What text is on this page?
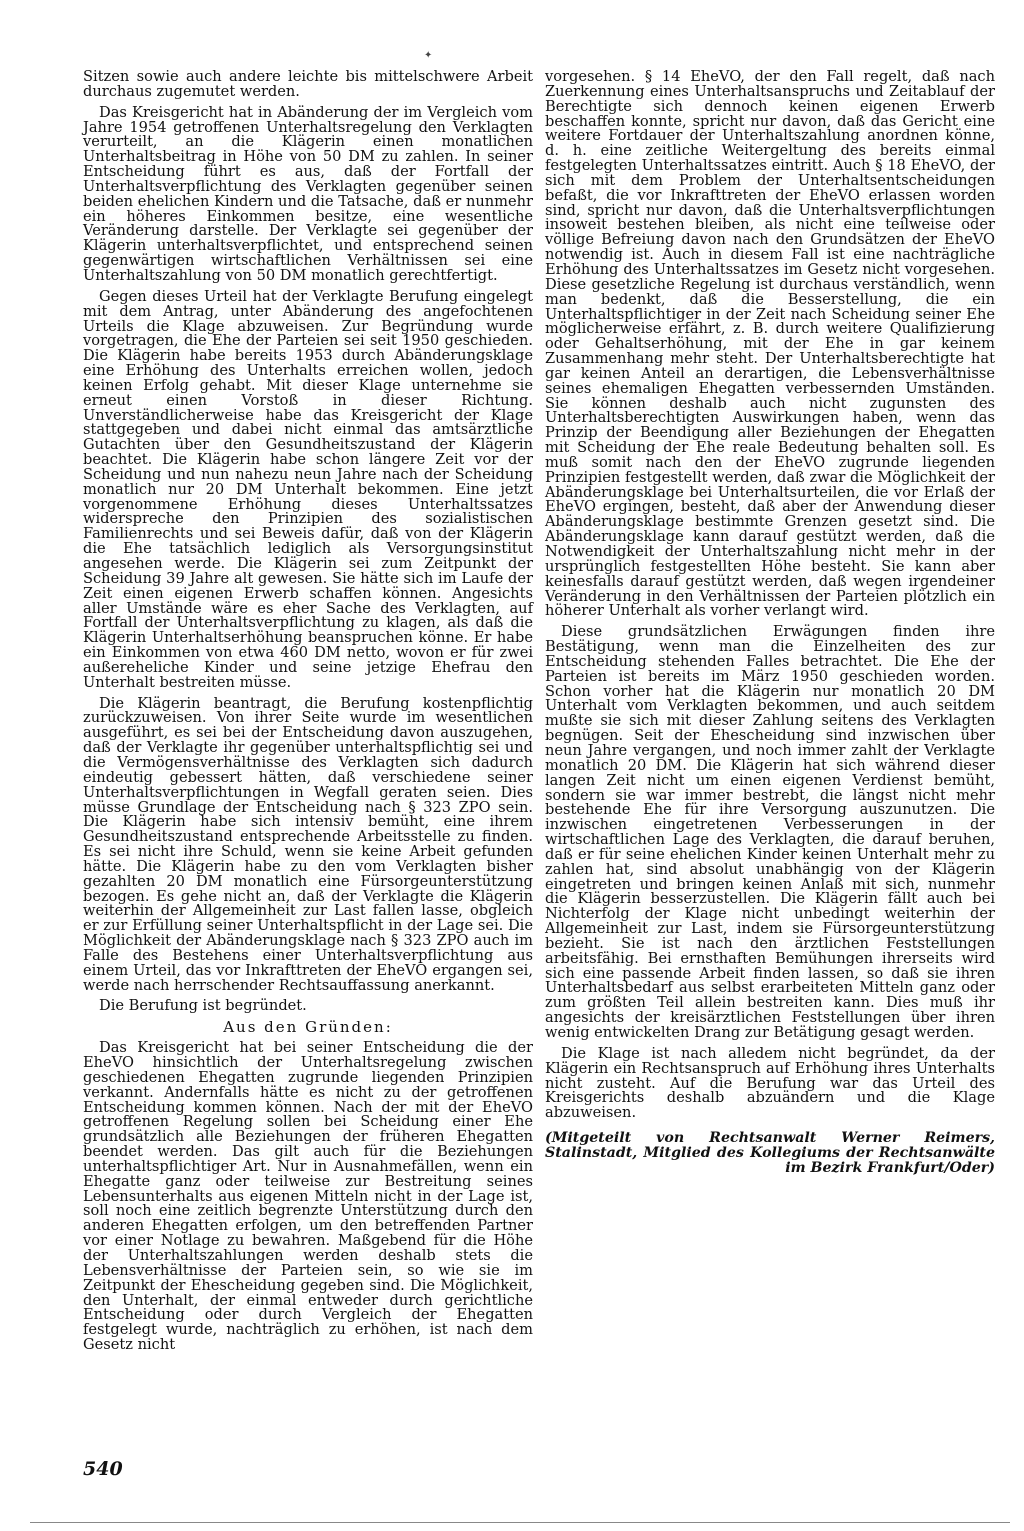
✦

Sitzen sowie auch andere leichte bis mittelschwere Arbeit durchaus zugemutet werden.

Das Kreisgericht hat in Abänderung der im Vergleich vom Jahre 1954 getroffenen Unterhaltsregelung den Verklagten verurteilt, an die Klägerin einen monatlichen Unterhaltsbeitrag in Höhe von 50 DM zu zahlen. In seiner Entscheidung führt es aus, daß der Fortfall der Unterhaltsverpflichtung des Verklagten gegenüber seinen beiden ehelichen Kindern und die Tatsache, daß er nunmehr ein höheres Einkommen besitze, eine wesentliche Veränderung darstelle. Der Verklagte sei gegenüber der Klägerin unterhaltsverpflichtet, und entsprechend seinen gegenwärtigen wirtschaftlichen Verhältnissen sei eine Unterhaltszahlung von 50 DM monatlich gerechtfertigt.

Gegen dieses Urteil hat der Verklagte Berufung eingelegt mit dem Antrag, unter Abänderung des angefochtenen Urteils die Klage abzuweisen. Zur Begründung wurde vorgetragen, die Ehe der Parteien sei seit 1950 geschieden. Die Klägerin habe bereits 1953 durch Abänderungsklage eine Erhöhung des Unterhalts erreichen wollen, jedoch keinen Erfolg gehabt. Mit dieser Klage unternehme sie erneut einen Vorstoß in dieser Richtung. Unverständlicherweise habe das Kreisgericht der Klage stattgegeben und dabei nicht einmal das amtsärztliche Gutachten über den Gesundheitszustand der Klägerin beachtet. Die Klägerin habe schon längere Zeit vor der Scheidung und nun nahezu neun Jahre nach der Scheidung monatlich nur 20 DM Unterhalt bekommen. Eine jetzt vorgenommene Erhöhung dieses Unterhaltssatzes widerspreche den Prinzipien des sozialistischen Familienrechts und sei Beweis dafür, daß von der Klägerin die Ehe tatsächlich lediglich als Versorgungsinstitut angesehen werde. Die Klägerin sei zum Zeitpunkt der Scheidung 39 Jahre alt gewesen. Sie hätte sich im Laufe der Zeit einen eigenen Erwerb schaffen können. Angesichts aller Umstände wäre es eher Sache des Verklagten, auf Fortfall der Unterhaltsverpflichtung zu klagen, als daß die Klägerin Unterhaltserhöhung beanspruchen könne. Er habe ein Einkommen von etwa 460 DM netto, wovon er für zwei außereheliche Kinder und seine jetzige Ehefrau den Unterhalt bestreiten müsse.

Die Klägerin beantragt, die Berufung kostenpflichtig zurückzuweisen. Von ihrer Seite wurde im wesentlichen ausgeführt, es sei bei der Entscheidung davon auszugehen, daß der Verklagte ihr gegenüber unterhaltspflichtig sei und die Vermögensverhältnisse des Verklagten sich dadurch eindeutig gebessert hätten, daß verschiedene seiner Unterhaltsverpflichtungen in Wegfall geraten seien. Dies müsse Grundlage der Entscheidung nach § 323 ZPO sein. Die Klägerin habe sich intensiv bemüht, eine ihrem Gesundheitszustand entsprechende Arbeitsstelle zu finden. Es sei nicht ihre Schuld, wenn sie keine Arbeit gefunden hätte. Die Klägerin habe zu den vom Verklagten bisher gezahlten 20 DM monatlich eine Fürsorgeunterstützung bezogen. Es gehe nicht an, daß der Verklagte die Klägerin weiterhin der Allgemeinheit zur Last fallen lasse, obgleich er zur Erfüllung seiner Unterhaltspflicht in der Lage sei. Die Möglichkeit der Abänderungsklage nach § 323 ZPO auch im Falle des Bestehens einer Unterhaltsverpflichtung aus einem Urteil, das vor Inkrafttreten der EheVO ergangen sei, werde nach herrschender Rechtsauffassung anerkannt.

Die Berufung ist begründet.

Aus den Gründen:

Das Kreisgericht hat bei seiner Entscheidung die der EheVO hinsichtlich der Unterhaltsregelung zwischen geschiedenen Ehegatten zugrunde liegenden Prinzipien verkannt. Andernfalls hätte es nicht zu der getroffenen Entscheidung kommen können. Nach der mit der EheVO getroffenen Regelung sollen bei Scheidung einer Ehe grundsätzlich alle Beziehungen der früheren Ehegatten beendet werden. Das gilt auch für die Beziehungen unterhaltspflichtiger Art. Nur in Ausnahmefällen, wenn ein Ehegatte ganz oder teilweise zur Bestreitung seines Lebensunterhalts aus eigenen Mitteln nicht in der Lage ist, soll noch eine zeitlich begrenzte Unterstützung durch den anderen Ehegatten erfolgen, um den betreffenden Partner vor einer Notlage zu bewahren. Maßgebend für die Höhe der Unterhaltszahlungen werden deshalb stets die Lebensverhältnisse der Parteien sein, so wie sie im Zeitpunkt der Ehescheidung gegeben sind. Die Möglichkeit, den Unterhalt, der einmal entweder durch gerichtliche Entscheidung oder durch Vergleich der Ehegatten festgelegt wurde, nachträglich zu erhöhen, ist nach dem Gesetz nicht

vorgesehen. § 14 EheVO, der den Fall regelt, daß nach Zuerkennung eines Unterhaltsanspruchs und Zeitablauf der Berechtigte sich dennoch keinen eigenen Erwerb beschaffen konnte, spricht nur davon, daß das Gericht eine weitere Fortdauer der Unterhaltszahlung anordnen könne, d. h. eine zeitliche Weitergeltung des bereits einmal festgelegten Unterhaltssatzes eintritt. Auch § 18 EheVO, der sich mit dem Problem der Unterhaltsentscheidungen befaßt, die vor Inkrafttreten der EheVO erlassen worden sind, spricht nur davon, daß die Unterhaltsverpflichtungen insoweit bestehen bleiben, als nicht eine teilweise oder völlige Befreiung davon nach den Grundsätzen der EheVO notwendig ist. Auch in diesem Fall ist eine nachträgliche Erhöhung des Unterhaltssatzes im Gesetz nicht vorgesehen. Diese gesetzliche Regelung ist durchaus verständlich, wenn man bedenkt, daß die Besserstellung, die ein Unterhaltspflichtiger in der Zeit nach Scheidung seiner Ehe möglicherweise erfährt, z. B. durch weitere Qualifizierung oder Gehaltserhöhung, mit der Ehe in gar keinem Zusammenhang mehr steht. Der Unterhaltsberechtigte hat gar keinen Anteil an derartigen, die Lebensverhältnisse seines ehemaligen Ehegatten verbessernden Umständen. Sie können deshalb auch nicht zugunsten des Unterhaltsberechtigten Auswirkungen haben, wenn das Prinzip der Beendigung aller Beziehungen der Ehegatten mit Scheidung der Ehe reale Bedeutung behalten soll. Es muß somit nach den der EheVO zugrunde liegenden Prinzipien festgestellt werden, daß zwar die Möglichkeit der Abänderungsklage bei Unterhaltsurteilen, die vor Erlaß der EheVO ergingen, besteht, daß aber der Anwendung dieser Abänderungsklage bestimmte Grenzen gesetzt sind. Die Abänderungsklage kann darauf gestützt werden, daß die Notwendigkeit der Unterhaltszahlung nicht mehr in der ursprünglich festgestellten Höhe besteht. Sie kann aber keinesfalls darauf gestützt werden, daß wegen irgendeiner Veränderung in den Verhältnissen der Parteien plötzlich ein höherer Unterhalt als vorher verlangt wird.

Diese grundsätzlichen Erwägungen finden ihre Bestätigung, wenn man die Einzelheiten des zur Entscheidung stehenden Falles betrachtet. Die Ehe der Parteien ist bereits im März 1950 geschieden worden. Schon vorher hat die Klägerin nur monatlich 20 DM Unterhalt vom Verklagten bekommen, und auch seitdem mußte sie sich mit dieser Zahlung seitens des Verklagten begnügen. Seit der Ehescheidung sind inzwischen über neun Jahre vergangen, und noch immer zahlt der Verklagte monatlich 20 DM. Die Klägerin hat sich während dieser langen Zeit nicht um einen eigenen Verdienst bemüht, sondern sie war immer bestrebt, die längst nicht mehr bestehende Ehe für ihre Versorgung auszunutzen. Die inzwischen eingetretenen Verbesserungen in der wirtschaftlichen Lage des Verklagten, die darauf beruhen, daß er für seine ehelichen Kinder keinen Unterhalt mehr zu zahlen hat, sind absolut unabhängig von der Klägerin eingetreten und bringen keinen Anlaß mit sich, nunmehr die Klägerin besserzustellen. Die Klägerin fällt auch bei Nichterfolg der Klage nicht unbedingt weiterhin der Allgemeinheit zur Last, indem sie Fürsorgeunterstützung bezieht. Sie ist nach den ärztlichen Feststellungen arbeitsfähig. Bei ernsthaften Bemühungen ihrerseits wird sich eine passende Arbeit finden lassen, so daß sie ihren Unterhaltsbedarf aus selbst erarbeiteten Mitteln ganz oder zum größten Teil allein bestreiten kann. Dies muß ihr angesichts der kreisärztlichen Feststellungen über ihren wenig entwickelten Drang zur Betätigung gesagt werden.

Die Klage ist nach alledem nicht begründet, da der Klägerin ein Rechtsanspruch auf Erhöhung ihres Unterhalts nicht zusteht. Auf die Berufung war das Urteil des Kreisgerichts deshalb abzuändern und die Klage abzuweisen.

(Mitgeteilt von Rechtsanwalt Werner Reimers, Stalinstadt, Mitglied des Kollegiums der Rechtsanwälte im Bezirk Frankfurt/Oder)

540
